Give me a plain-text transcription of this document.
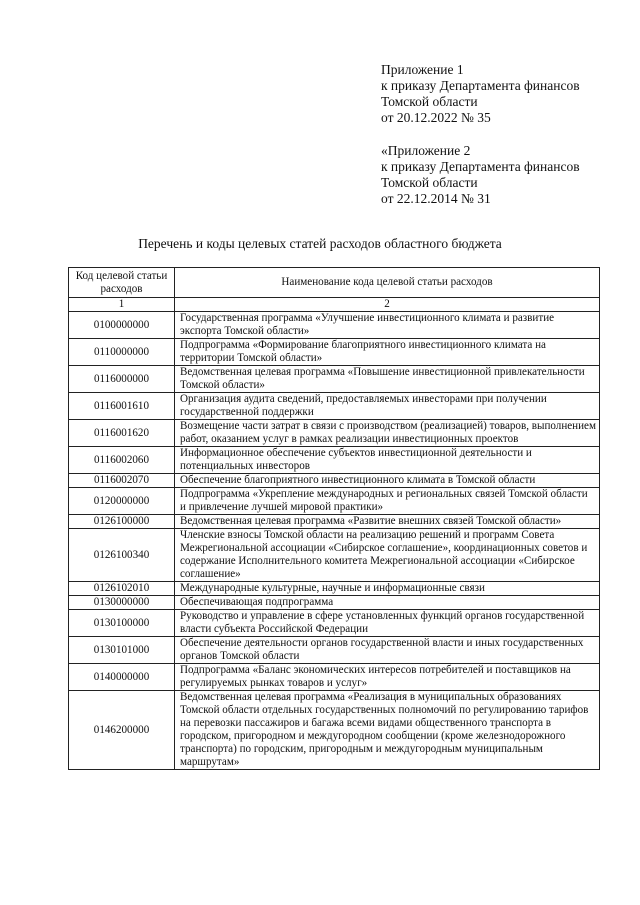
Приложение 1
к приказу Департамента финансов
Томской области
от 20.12.2022 № 35
«Приложение 2
к приказу Департамента финансов
Томской области
от 22.12.2014 № 31
Перечень и коды целевых статей расходов областного бюджета
Код целевой статьи расходов	Наименование кода целевой статьи расходов
1	2
0100000000	Государственная программа «Улучшение инвестиционного климата и развитие экспорта Томской области»
0110000000	Подпрограмма «Формирование благоприятного инвестиционного климата на территории Томской области»
0116000000	Ведомственная целевая программа «Повышение инвестиционной привлекательности Томской области»
0116001610	Организация аудита сведений, предоставляемых инвесторами при получении государственной поддержки
0116001620	Возмещение части затрат в связи с производством (реализацией) товаров, выполнением работ, оказанием услуг в рамках реализации инвестиционных проектов
0116002060	Информационное обеспечение субъектов инвестиционной деятельности и потенциальных инвесторов
0116002070	Обеспечение благоприятного инвестиционного климата в Томской области
0120000000	Подпрограмма «Укрепление международных и региональных связей Томской области и привлечение лучшей мировой практики»
0126100000	Ведомственная целевая программа «Развитие внешних связей Томской области»
0126100340	Членские взносы Томской области на реализацию решений и программ Совета Межрегиональной ассоциации «Сибирское соглашение», координационных советов и содержание Исполнительного комитета Межрегиональной ассоциации «Сибирское соглашение»
0126102010	Международные культурные, научные и информационные связи
0130000000	Обеспечивающая подпрограмма
0130100000	Руководство и управление в сфере установленных функций органов государственной власти субъекта Российской Федерации
0130101000	Обеспечение деятельности органов государственной власти и иных государственных органов Томской области
0140000000	Подпрограмма «Баланс экономических интересов потребителей и поставщиков на регулируемых рынках товаров и услуг»
0146200000	Ведомственная целевая программа «Реализация в муниципальных образованиях Томской области отдельных государственных полномочий по регулированию тарифов на перевозки пассажиров и багажа всеми видами общественного транспорта в городском, пригородном и междугородном сообщении (кроме железнодорожного транспорта) по городским, пригородным и междугородным муниципальным маршрутам»
